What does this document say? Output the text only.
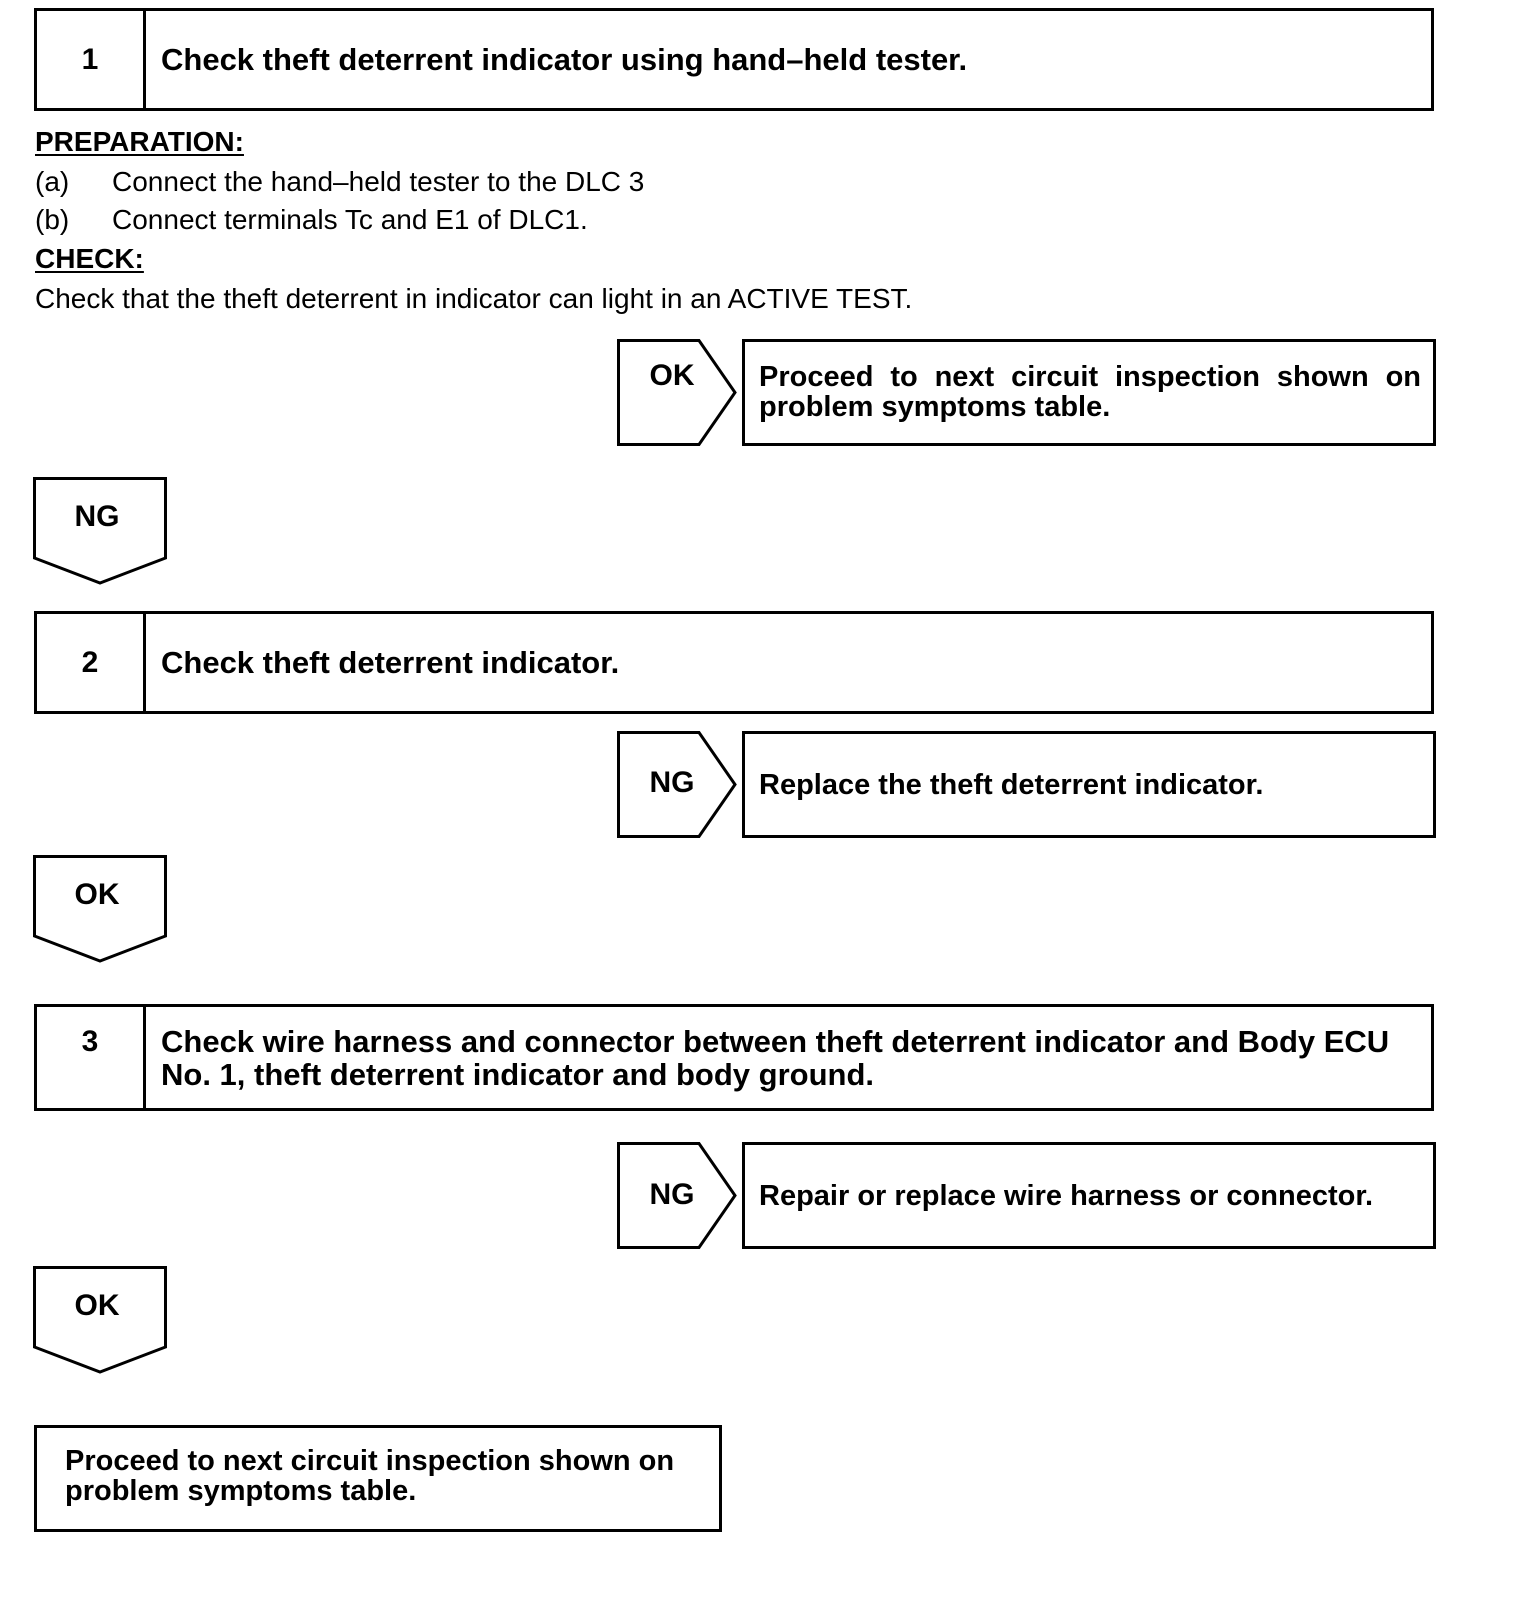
1	Check theft deterrent indicator using hand–held tester.
PREPARATION:
(a) Connect the hand–held tester to the DLC 3
(b) Connect terminals Tc and E1 of DLC1.
CHECK:
Check that the theft deterrent in indicator can light in an ACTIVE TEST.
OK	Proceed to next circuit inspection shown on problem symptoms table.
NG
2	Check theft deterrent indicator.
NG	Replace the theft deterrent indicator.
OK
3	Check wire harness and connector between theft deterrent indicator and Body ECU No. 1, theft deterrent indicator and body ground.
NG	Repair or replace wire harness or connector.
OK
Proceed to next circuit inspection shown on problem symptoms table.
